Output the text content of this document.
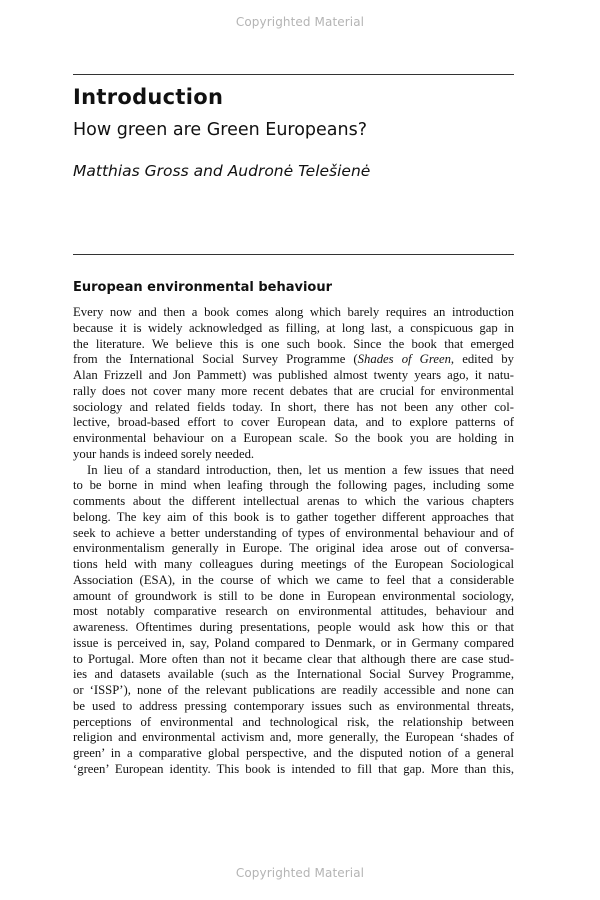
Copyrighted Material
Introduction
How green are Green Europeans?

Matthias Gross and Audronė Telešienė

European environmental behaviour
Every now and then a book comes along which barely requires an introduction
because it is widely acknowledged as filling, at long last, a conspicuous gap in
the literature. We believe this is one such book. Since the book that emerged
from the International Social Survey Programme (Shades of Green, edited by
Alan Frizzell and Jon Pammett) was published almost twenty years ago, it natu-
rally does not cover many more recent debates that are crucial for environmental
sociology and related fields today. In short, there has not been any other col-
lective, broad-based effort to cover European data, and to explore patterns of
environmental behaviour on a European scale. So the book you are holding in
your hands is indeed sorely needed.
In lieu of a standard introduction, then, let us mention a few issues that need
to be borne in mind when leafing through the following pages, including some
comments about the different intellectual arenas to which the various chapters
belong. The key aim of this book is to gather together different approaches that
seek to achieve a better understanding of types of environmental behaviour and of
environmentalism generally in Europe. The original idea arose out of conversa-
tions held with many colleagues during meetings of the European Sociological
Association (ESA), in the course of which we came to feel that a considerable
amount of groundwork is still to be done in European environmental sociology,
most notably comparative research on environmental attitudes, behaviour and
awareness. Oftentimes during presentations, people would ask how this or that
issue is perceived in, say, Poland compared to Denmark, or in Germany compared
to Portugal. More often than not it became clear that although there are case stud-
ies and datasets available (such as the International Social Survey Programme,
or ‘ISSP’), none of the relevant publications are readily accessible and none can
be used to address pressing contemporary issues such as environmental threats,
perceptions of environmental and technological risk, the relationship between
religion and environmental activism and, more generally, the European ‘shades of
green’ in a comparative global perspective, and the disputed notion of a general
‘green’ European identity. This book is intended to fill that gap. More than this,
Copyrighted Material
